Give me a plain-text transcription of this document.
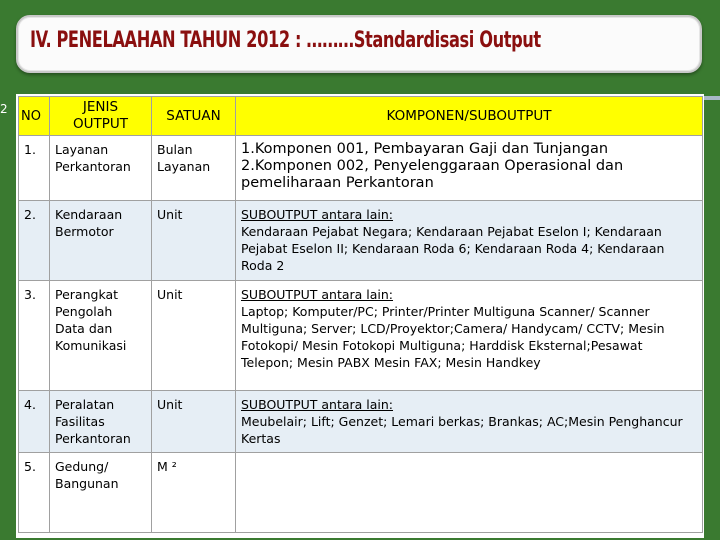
IV. PENELAAHAN TAHUN 2012 : ………Standardisasi Output
2 NO	JENIS OUTPUT	SATUAN	KOMPONEN/SUBOUTPUT
1.	Layanan Perkantoran	Bulan Layanan	1.Komponen 001, Pembayaran Gaji dan Tunjangan
2.Komponen 002, Penyelenggaraan Operasional dan pemeliharaan Perkantoran

2.	Kendaraan Bermotor	Unit	SUBOUTPUT antara lain:
Kendaraan Pejabat Negara; Kendaraan Pejabat Eselon I; Kendaraan Pejabat Eselon II; Kendaraan Roda 6; Kendaraan Roda 4; Kendaraan Roda 2

3.	Perangkat Pengolah Data dan Komunikasi	Unit	SUBOUTPUT antara lain:
Laptop; Komputer/PC; Printer/Printer Multiguna Scanner/ Scanner Multiguna; Server; LCD/Proyektor;Camera/ Handycam/ CCTV; Mesin Fotokopi/ Mesin Fotokopi Multiguna; Harddisk Eksternal;Pesawat Telepon; Mesin PABX Mesin FAX; Mesin Handkey

4.	Peralatan Fasilitas Perkantoran	Unit	SUBOUTPUT antara lain:
Meubelair; Lift; Genzet; Lemari berkas; Brankas; AC;Mesin Penghancur Kertas

5.	Gedung/ Bangunan	M ²	
